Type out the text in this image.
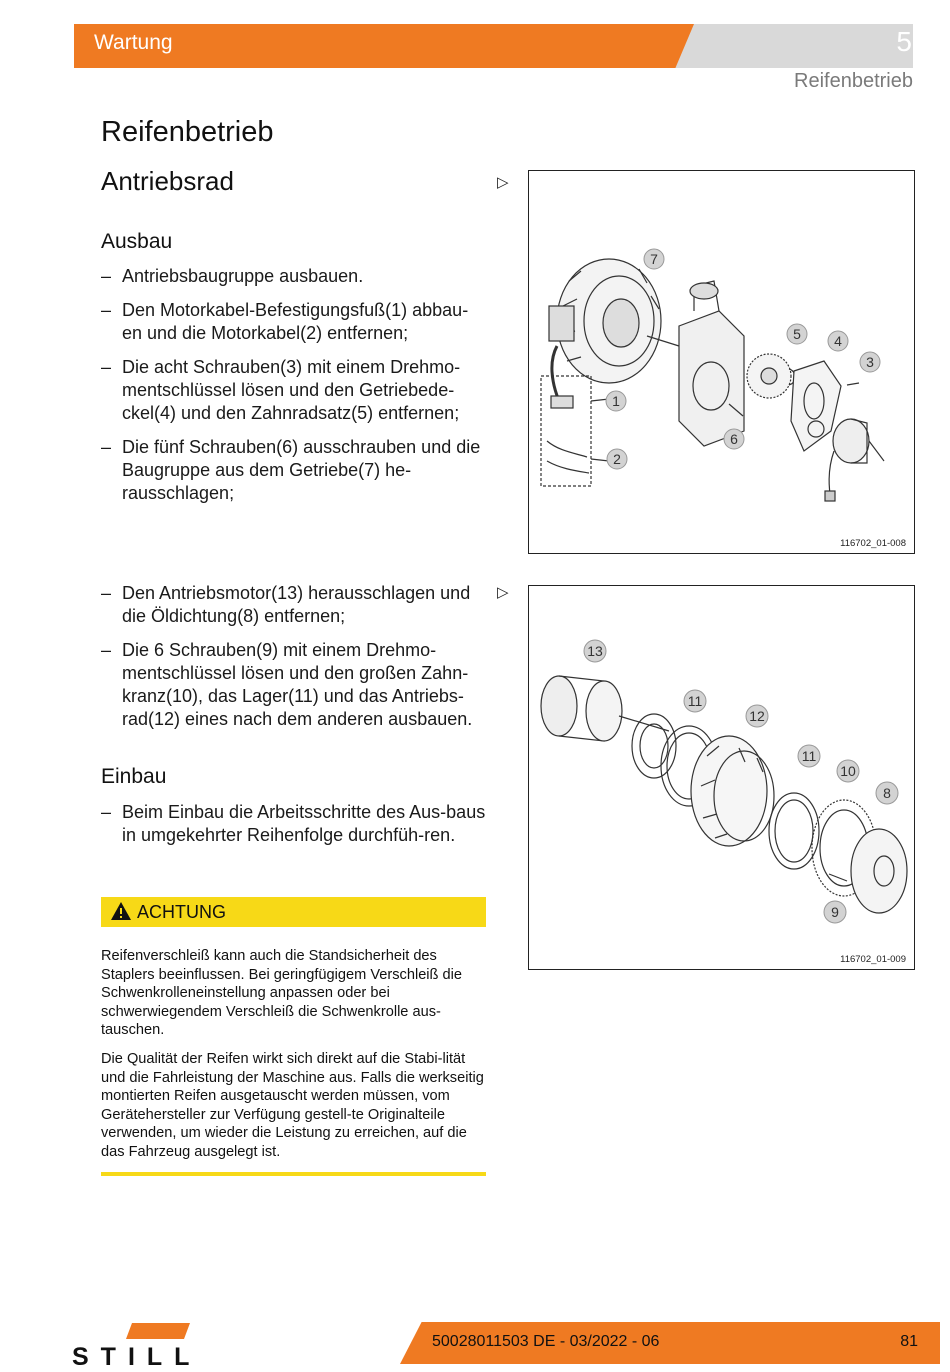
Wartung	5
Reifenbetrieb
Reifenbetrieb
Antriebsrad
Ausbau
– Antriebsbaugruppe ausbauen.
– Den Motorkabel-Befestigungsfuß(1) abbau-en und die Motorkabel(2) entfernen;
– Die acht Schrauben(3) mit einem Drehmo-mentschlüssel lösen und den Getriebede-ckel(4) und den Zahnradsatz(5) entfernen;
– Die fünf Schrauben(6) ausschrauben und die Baugruppe aus dem Getriebe(7) he-rausschlagen;
– Den Antriebsmotor(13) herausschlagen und die Öldichtung(8) entfernen;
– Die 6 Schrauben(9) mit einem Drehmo-mentschlüssel lösen und den großen Zahn-kranz(10), das Lager(11) und das Antriebs-rad(12) eines nach dem anderen ausbauen.
Einbau
– Beim Einbau die Arbeitsschritte des Aus-baus in umgekehrter Reihenfolge durchfüh-ren.
▷
▷
7
5 4
3
1
6
2
116702_01-008
13
11
12
11
10
8
9
116702_01-009
ACHTUNG

Reifenverschleiß kann auch die Standsicherheit des Staplers beeinflussen. Bei geringfügigem Verschleiß die Schwenkrolleneinstellung anpassen oder bei schwerwiegendem Verschleiß die Schwenkrolle aus-tauschen.

Die Qualität der Reifen wirkt sich direkt auf die Stabi-lität und die Fahrleistung der Maschine aus. Falls die werkseitig montierten Reifen ausgetauscht werden müssen, vom Gerätehersteller zur Verfügung gestell-te Originalteile verwenden, um wieder die Leistung zu erreichen, auf die das Fahrzeug ausgelegt ist.

STILL
50028011503 DE - 03/2022 - 06	81
